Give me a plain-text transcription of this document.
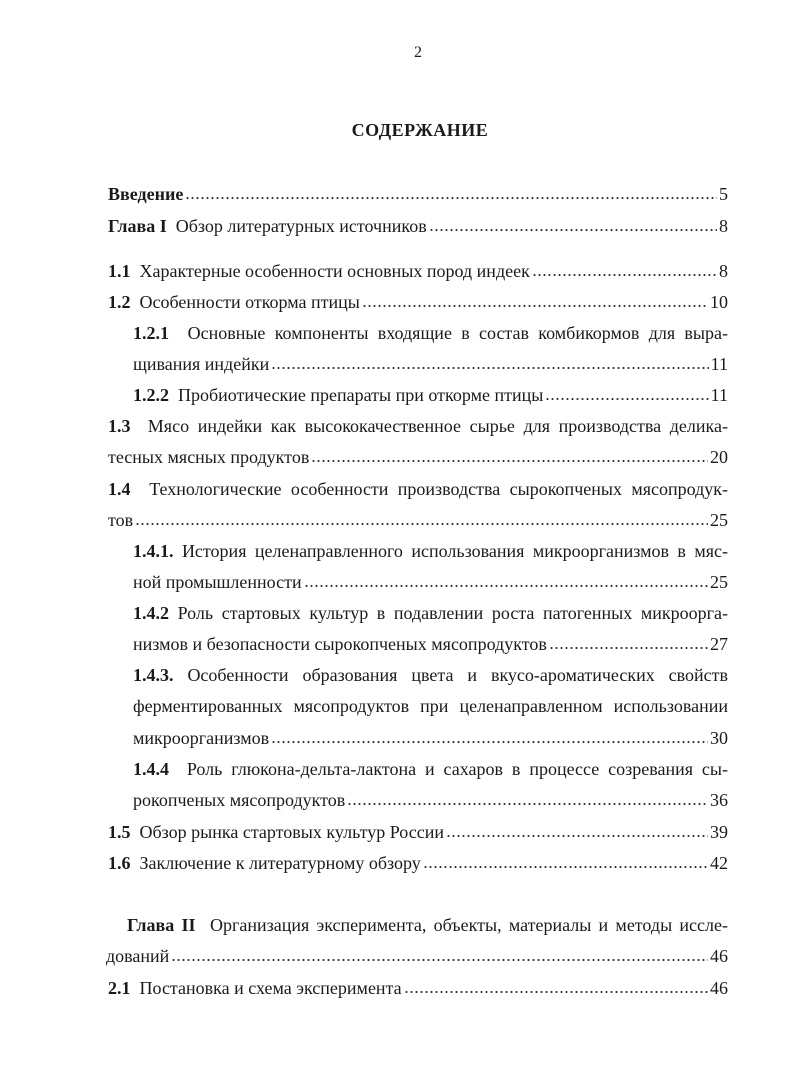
2
СОДЕРЖАНИЕ
Введение	5
Глава I
Обзор литературных источников	8
1.1
Характерные особенности основных пород индеек	8
1.2
Особенности откорма птицы	10
1.2.1 Основные компоненты входящие в состав комбикормов для выра-
щивания индейки	11
1.2.2
Пробиотические препараты при откорме птицы	11
1.3 Мясо индейки как высококачественное сырье для производства делика-
тесных мясных продуктов	20
1.4 Технологические особенности производства сырокопченых мясопродук-
тов	25
1.4.1. История целенаправленного использования микроорганизмов в мяс-
ной промышленности	25
1.4.2 Роль стартовых культур в подавлении роста патогенных микроорга-
низмов и безопасности сырокопченых мясопродуктов	27
1.4.3. Особенности образования цвета и вкусо-ароматических свойств
ферментированных мясопродуктов при целенаправленном использовании
микроорганизмов	30
1.4.4 Роль глюкона-дельта-лактона и сахаров в процессе созревания сы-
рокопченых мясопродуктов	36
1.5
Обзор рынка стартовых культур России	39
1.6
Заключение к литературному обзору	42
Глава II Организация эксперимента, объекты, материалы и методы иссле-
дований	46
2.1
Постановка и схема эксперимента	46
